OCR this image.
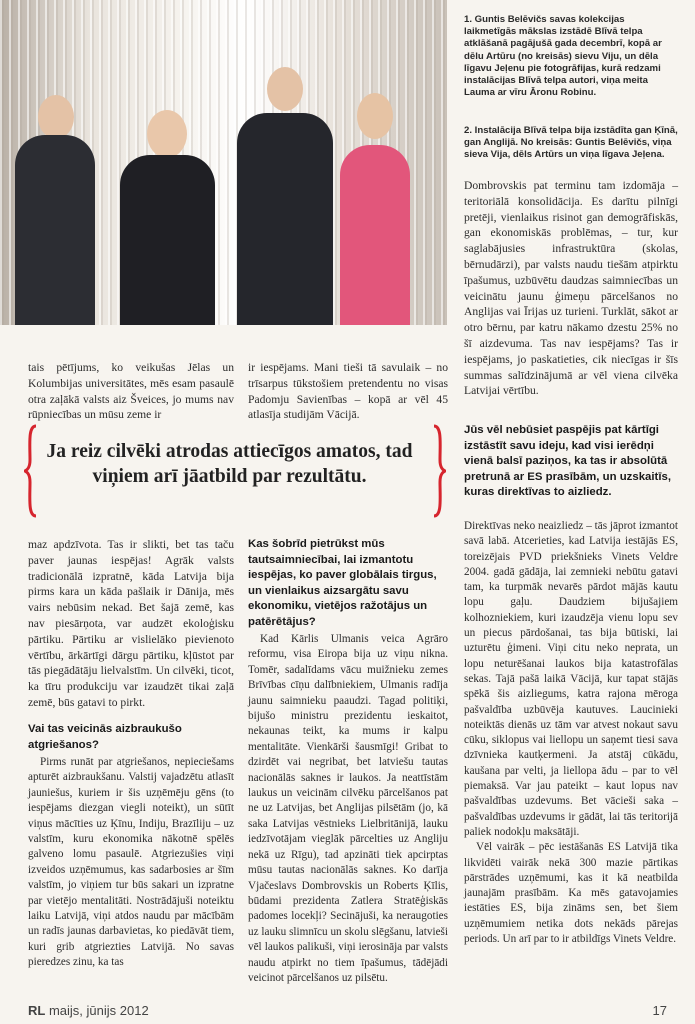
1. Guntis Belēvičs savas kolekcijas laikmetīgās mākslas izstādē Blīvā telpa atklāšanā pagājušā gada decembrī, kopā ar dēlu Artūru (no kreisās) sievu Viju, un dēla līgavu Jeļenu pie fotogrāfijas, kurā redzami instalācijas Blīvā telpa autori, viņa meita Lauma ar vīru Āronu Robinu.
2. Instalācija Blīvā telpa bija izstādīta gan Ķīnā, gan Anglijā. No kreisās: Guntis Belēvičs, viņa sieva Vija, dēls Artūrs un viņa līgava Jeļena.

Dombrovskis pat terminu tam izdomāja – teritoriālā konsolidācija. Es darītu pilnīgi pretēji, vienlaikus risinot gan demogrāfiskās, gan ekonomiskās problēmas, – tur, kur saglabājusies infrastruktūra (skolas, bērnudārzi), par valsts naudu tiešām atpirktu īpašumus, uzbūvētu daudzas saimniecības un veicinātu jaunu ģimeņu pārcelšanos no Anglijas vai Īrijas uz turieni. Turklāt, sākot ar otro bērnu, par katru nākamo dzestu 25% no šī aizdevuma. Tas nav iespējams? Tas ir iespējams, jo paskatieties, cik niecīgas ir šīs summas salīdzinājumā ar vēl viena cilvēka Latvijai vērtību.

tais pētījums, ko veikušas Jēlas un Kolumbijas universitātes, mēs esam pasaulē otra zaļākā valsts aiz Šveices, jo mums nav rūpniecības un mūsu zeme ir

ir iespējams. Mani tieši tā savulaik – no trīsarpus tūkstošiem pretendentu no visas Padomju Savienības – kopā ar vēl 45 atlasīja studijām Vācijā.

Ja reiz cilvēki atrodas attiecīgos amatos, tad viņiem arī jāatbild par rezultātu.
Jūs vēl nebūsiet paspējis pat kārtīgi izstāstīt savu ideju, kad visi ierēdņi vienā balsī paziņos, ka tas ir absolūtā pretrunā ar ES prasībām, un uzskaitīs, kuras direktīvas to aizliedz.

Direktīvas neko neaizliedz – tās jāprot izmantot savā labā. Atcerieties, kad Latvija iestājās ES, toreizējais PVD priekšnieks Vinets Veldre 2004. gadā gādāja, lai zemnieki nebūtu gatavi tam, ka turpmāk nevarēs pārdot mājās kautu lopu gaļu. Daudziem bijušajiem kolhozniekiem, kuri izaudzēja vienu lopu sev un piecus pārdošanai, tas bija būtiski, lai uzturētu ģimeni. Viņi citu neko neprata, un lopu neturēšanai laukos bija katastrofālas sekas. Tajā pašā laikā Vācijā, kur tapat stājās spēkā šis aizliegums, katra rajona mēroga pašvaldība uzbūvēja kautuves. Laucinieki noteiktās dienās uz tām var atvest nokaut savu cūku, siklopus vai liellopu un saņemt tiesi sava dzīvnieka kautķermeni. Ja atstāj cūkādu, kaušana par velti, ja liellopa ādu – par to vēl piemaksā. Var jau pateikt – kaut lopus nav pašvaldības uzdevums. Bet vācieši saka – pašvaldības uzdevums ir gādāt, lai tās teritorijā paliek nodokļu maksātāji.

Vēl vairāk – pēc iestāšanās ES Latvijā tika likvidēti vairāk nekā 300 mazie pārtikas pārstrādes uzņēmumi, kas it kā neatbilda jaunajām prasībām. Ka mēs gatavojamies iestāties ES, bija zināms sen, bet šiem uzņēmumiem netika dots nekāds pārejas periods. Un arī par to ir atbildīgs Vinets Veldre.

maz apdzīvota. Tas ir slikti, bet tas taču paver jaunas iespējas! Agrāk valsts tradicionālā izpratnē, kāda Latvija bija pirms kara un kāda pašlaik ir Dānija, mēs vairs nebūsim nekad. Bet šajā zemē, kas nav piesārņota, var audzēt ekoloģisku pārtiku. Pārtiku ar vislielāko pievienoto vērtību, ārkārtīgi dārgu pārtiku, kļūstot par tās piegādātāju lielvalstīm. Un cilvēki, ticot, ka tīru produkciju var izaudzēt tikai zaļā zemē, būs gatavi to pirkt.

Vai tas veicinās aizbraukušo atgriešanos?

Pirms runāt par atgriešanos, nepieciešams apturēt aizbraukšanu. Valstij vajadzētu atlasīt jauniešus, kuriem ir šis uzņēmēju gēns (to iespējams diezgan viegli noteikt), un sūtīt viņus mācīties uz Ķīnu, Indiju, Brazīliju – uz valstīm, kuru ekonomika nākotnē spēlēs galveno lomu pasaulē. Atgriezušies viņi izveidos uzņēmumus, kas sadarbosies ar šīm valstīm, jo viņiem tur būs sakari un izpratne par vietējo mentalitāti. Nostrādājuši noteiktu laiku Latvijā, viņi atdos naudu par mācībām un radīs jaunas darbavietas, ko piedāvāt tiem, kuri grib atgriezties Latvijā. No savas pieredzes zinu, ka tas

Kas šobrīd pietrūkst mūs tautsaimniecībai, lai izmantotu iespējas, ko paver globālais tirgus, un vienlaikus aizsargātu savu ekonomiku, vietējos ražotājus un patērētājus?

Kad Kārlis Ulmanis veica Agrāro reformu, visa Eiropa bija uz viņu nikna. Tomēr, sadalīdams vācu muižnieku zemes Brīvības cīņu dalībniekiem, Ulmanis radīja jaunu saimnieku paaudzi. Tagad politiķi, bijušo ministru prezidentu ieskaitot, nekaunas teikt, ka mums ir kalpu mentalitāte. Vienkārši šausmīgi! Gribat to dzirdēt vai negribat, bet latviešu tautas nacionālās saknes ir laukos. Ja neattīstām laukus un veicinām cilvēku pārcelšanos pat ne uz Latvijas, bet Anglijas pilsētām (jo, kā saka Latvijas vēstnieks Lielbritānijā, lauku iedzīvotājam vieglāk pārcelties uz Angliju nekā uz Rīgu), tad apzināti tiek apcirptas mūsu tautas nacionālās saknes. Ko darīja Vjačeslavs Dombrovskis un Roberts Ķīlis, būdami prezidenta Zatlera Stratēģiskās padomes locekļi? Secinājuši, ka neraugoties uz lauku slimnīcu un skolu slēgšanu, latvieši vēl laukos palikuši, viņi ierosināja par valsts naudu atpirkt no tiem īpašumus, tādējādi veicinot pārcelšanos uz pilsētu.

RL maijs, jūnijs 2012	17
